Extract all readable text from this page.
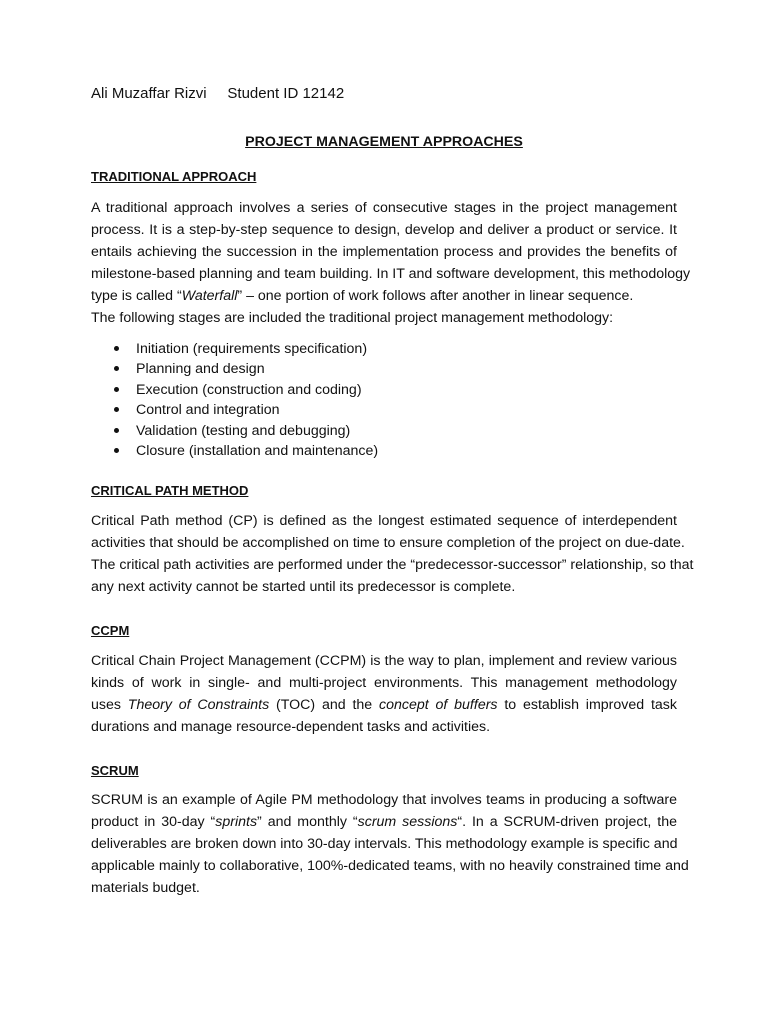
Ali Muzaffar Rizvi     Student ID 12142
PROJECT MANAGEMENT APPROACHES
TRADITIONAL APPROACH
A traditional approach involves a series of consecutive stages in the project management
process. It is a step-by-step sequence to design, develop and deliver a product or service. It
entails achieving the succession in the implementation process and provides the benefits of
milestone-based planning and team building. In IT and software development, this methodology
type is called “Waterfall” – one portion of work follows after another in linear sequence.
The following stages are included the traditional project management methodology:
Initiation (requirements specification)
Planning and design
Execution (construction and coding)
Control and integration
Validation (testing and debugging)
Closure (installation and maintenance)
CRITICAL PATH METHOD
Critical Path method (CP) is defined as the longest estimated sequence of interdependent
activities that should be accomplished on time to ensure completion of the project on due-date.
The critical path activities are performed under the “predecessor-successor” relationship, so that
any next activity cannot be started until its predecessor is complete.
CCPM
Critical Chain Project Management (CCPM) is the way to plan, implement and review various
kinds of work in single- and multi-project environments. This management methodology
uses Theory of Constraints (TOC) and the concept of buffers to establish improved task
durations and manage resource-dependent tasks and activities.
SCRUM
SCRUM is an example of Agile PM methodology that involves teams in producing a software
product in 30-day “sprints” and monthly “scrum sessions“. In a SCRUM-driven project, the
deliverables are broken down into 30-day intervals. This methodology example is specific and
applicable mainly to collaborative, 100%-dedicated teams, with no heavily constrained time and
materials budget.
